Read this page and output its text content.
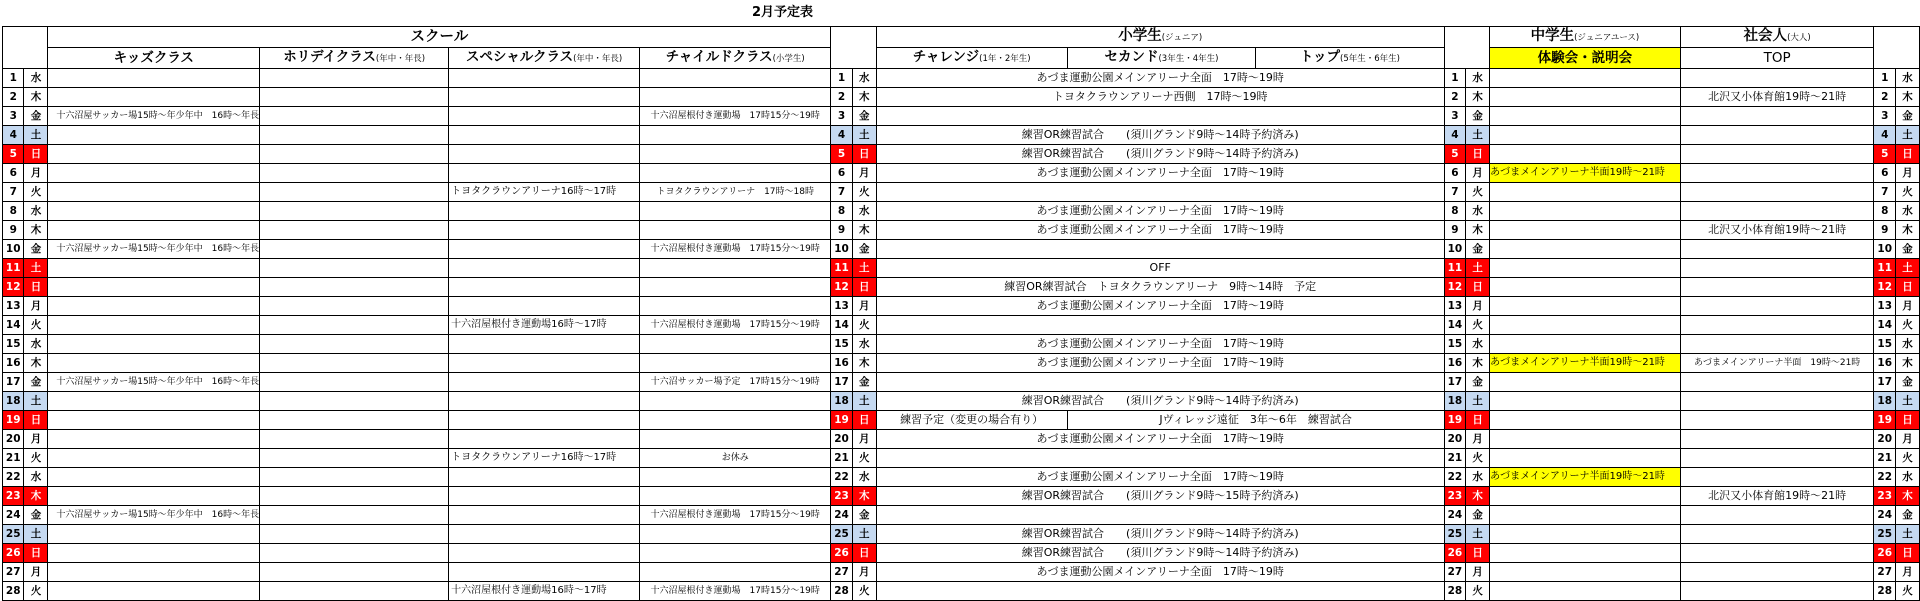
2月予定表
		スクール						小学生(ジュニア)					中学生(ジュニアユース)	社会人(大人)		
		キッズクラス	ホリデイクラス(年中・年長)	スペシャルクラス(年中・年長)	チャイルドクラス(小学生)			チャレンジ(1年・2年生)	セカンド(3年生・4年生)	トップ(5年生・6年生)			体験会・説明会	TOP		
1	水					1	水	あづま運動公園メインアリーナ全面　17時～19時			1	水			1	水
2	木					2	木	トヨタクラウンアリーナ西側　17時～19時			2	木		北沢又小体育館19時～21時	2	木
3	金	十六沼屋サッカー場15時～年少年中　16時～年長			十六沼屋根付き運動場　17時15分～19時	3	金				3	金			3	金
4	土					4	土	練習OR練習試合　　(須川グランド9時～14時予約済み)			4	土			4	土
5	日					5	日	練習OR練習試合　　(須川グランド9時～14時予約済み)			5	日			5	日
6	月					6	月	あづま運動公園メインアリーナ全面　17時～19時			6	月	あづまメインアリーナ半面19時～21時		6	月
7	火			トヨタクラウンアリーナ16時～17時	トヨタクラウンアリーナ　17時～18時	7	火				7	火			7	火
8	水					8	水	あづま運動公園メインアリーナ全面　17時～19時			8	水			8	水
9	木					9	木	あづま運動公園メインアリーナ全面　17時～19時			9	木		北沢又小体育館19時～21時	9	木
10	金	十六沼屋サッカー場15時～年少年中　16時～年長			十六沼屋根付き運動場　17時15分～19時	10	金				10	金			10	金
11	土					11	土	OFF			11	土			11	土
12	日					12	日	練習OR練習試合　トヨタクラウンアリーナ　9時～14時　予定			12	日			12	日
13	月					13	月	あづま運動公園メインアリーナ全面　17時～19時			13	月			13	月
14	火			十六沼屋根付き運動場16時～17時	十六沼屋根付き運動場　17時15分～19時	14	火				14	火			14	火
15	水					15	水	あづま運動公園メインアリーナ全面　17時～19時			15	水			15	水
16	木					16	木	あづま運動公園メインアリーナ全面　17時～19時			16	木	あづまメインアリーナ半面19時～21時	あづまメインアリーナ半面　19時～21時	16	木
17	金	十六沼屋サッカー場15時～年少年中　16時～年長			十六沼サッカー場予定　17時15分～19時	17	金				17	金			17	金
18	土					18	土	練習OR練習試合　　(須川グランド9時～14時予約済み)			18	土			18	土
19	日					19	日	練習予定（変更の場合有り）	Jヴィレッジ遠征　3年～6年　練習試合		19	日			19	日
20	月					20	月	あづま運動公園メインアリーナ全面　17時～19時			20	月			20	月
21	火			トヨタクラウンアリーナ16時～17時	お休み	21	火				21	火			21	火
22	水					22	水	あづま運動公園メインアリーナ全面　17時～19時			22	水	あづまメインアリーナ半面19時～21時		22	水
23	木					23	木	練習OR練習試合　　(須川グランド9時～15時予約済み)			23	木		北沢又小体育館19時～21時	23	木
24	金	十六沼屋サッカー場15時～年少年中　16時～年長			十六沼屋根付き運動場　17時15分～19時	24	金				24	金			24	金
25	土					25	土	練習OR練習試合　　(須川グランド9時～14時予約済み)			25	土			25	土
26	日					26	日	練習OR練習試合　　(須川グランド9時～14時予約済み)			26	日			26	日
27	月					27	月	あづま運動公園メインアリーナ全面　17時～19時			27	月			27	月
28	火			十六沼屋根付き運動場16時～17時	十六沼屋根付き運動場　17時15分～19時	28	火				28	火			28	火
